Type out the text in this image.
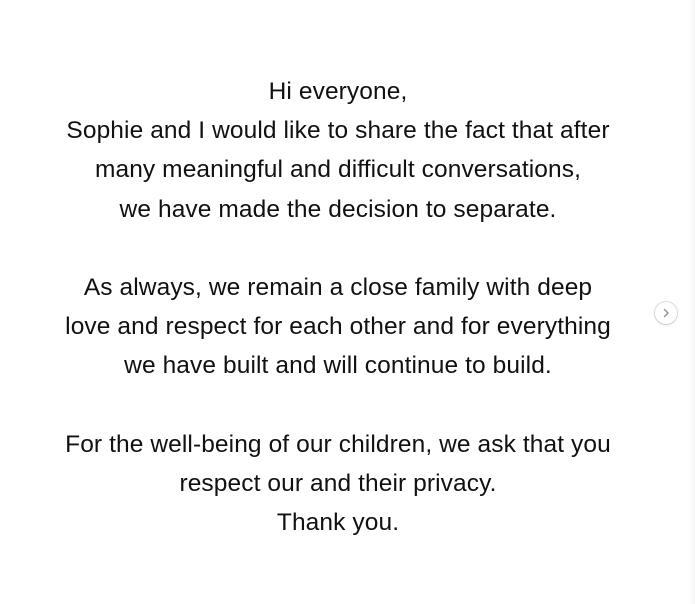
Hi everyone,
Sophie and I would like to share the fact that after
many meaningful and difficult conversations,
we have made the decision to separate.
As always, we remain a close family with deep
love and respect for each other and for everything
we have built and will continue to build.
For the well-being of our children, we ask that you
respect our and their privacy.
Thank you.
